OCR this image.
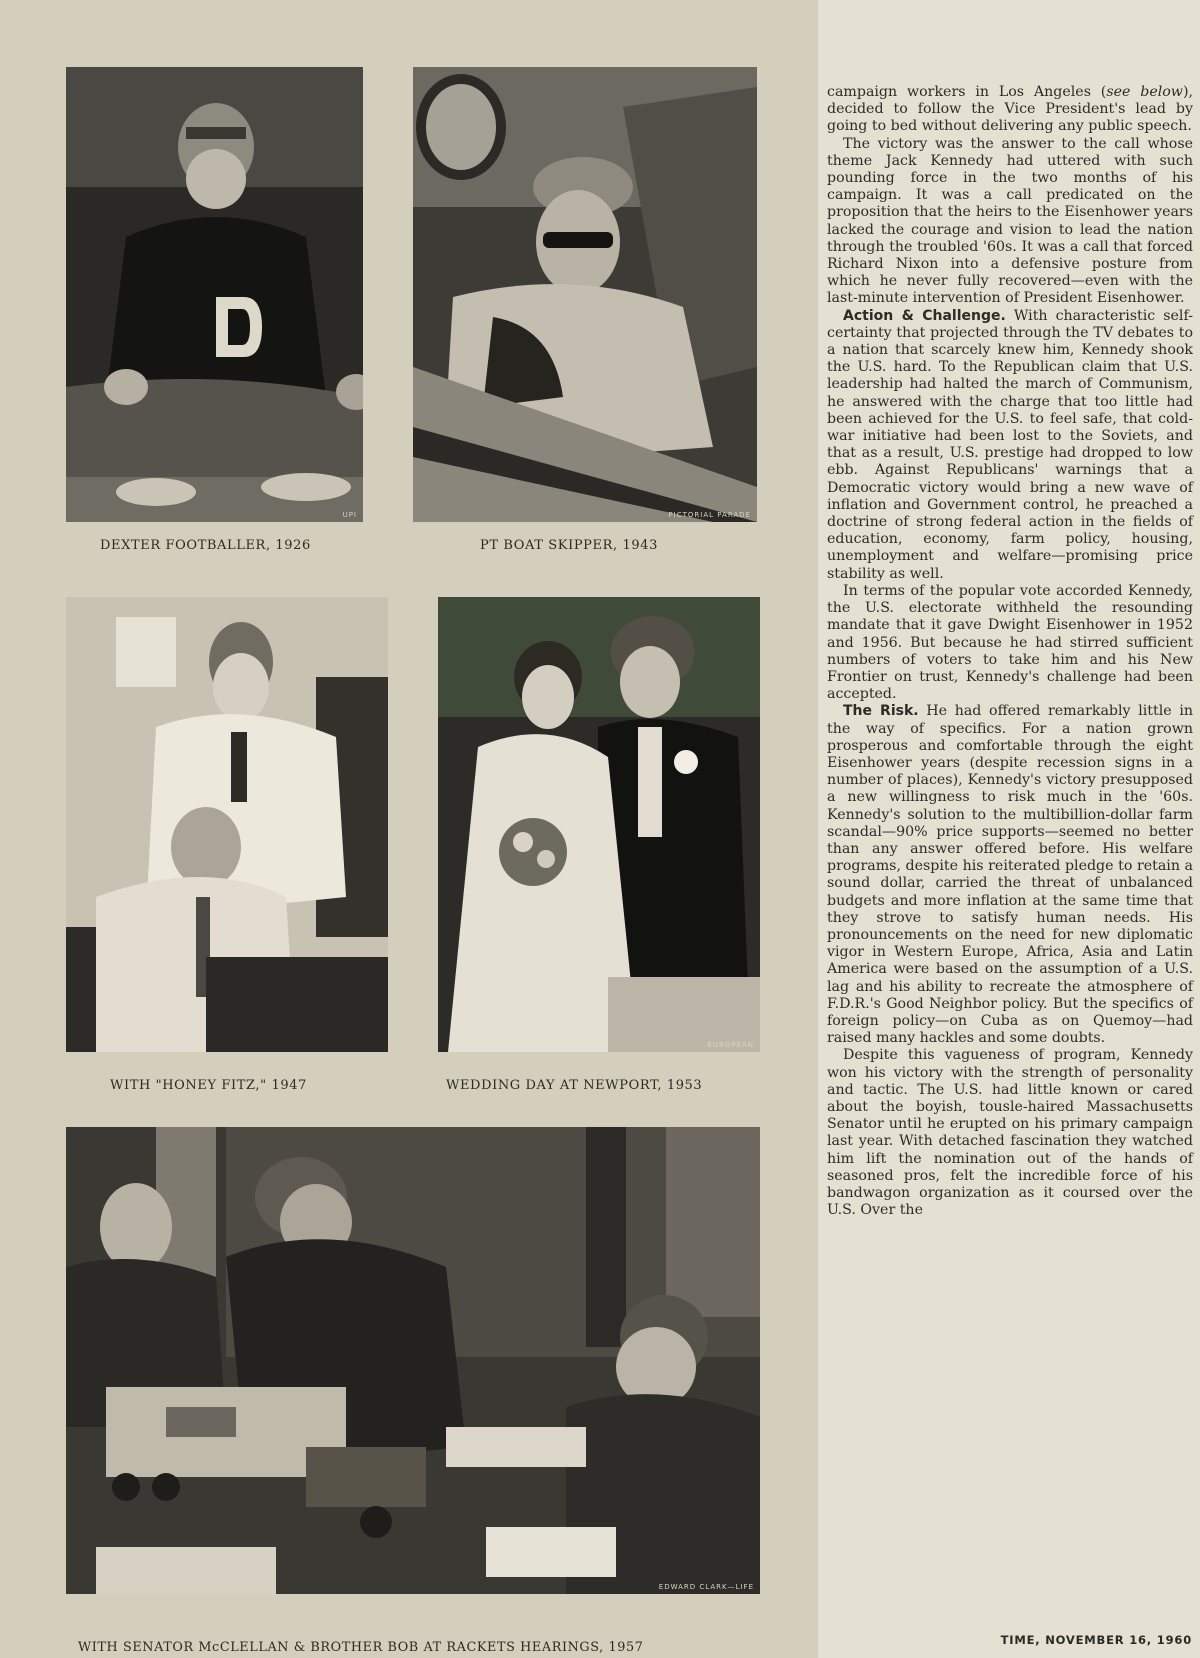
UPI
DEXTER FOOTBALLER, 1926
PICTORIAL PARADE
PT BOAT SKIPPER, 1943
WITH "HONEY FITZ," 1947
EUROPEAN
WEDDING DAY AT NEWPORT, 1953
EDWARD CLARK—LIFE
WITH SENATOR McCLELLAN & BROTHER BOB AT RACKETS HEARINGS, 1957

campaign workers in Los Angeles (see below), decided to follow the Vice President's lead by going to bed without delivering any public speech.

The victory was the answer to the call whose theme Jack Kennedy had uttered with such pounding force in the two months of his campaign. It was a call predicated on the proposition that the heirs to the Eisenhower years lacked the courage and vision to lead the nation through the troubled '60s. It was a call that forced Richard Nixon into a defensive posture from which he never fully recovered—even with the last-minute intervention of President Eisenhower.

Action & Challenge. With characteristic self-certainty that projected through the TV debates to a nation that scarcely knew him, Kennedy shook the U.S. hard. To the Republican claim that U.S. leadership had halted the march of Communism, he answered with the charge that too little had been achieved for the U.S. to feel safe, that cold-war initiative had been lost to the Soviets, and that as a result, U.S. prestige had dropped to low ebb. Against Republicans' warnings that a Democratic victory would bring a new wave of inflation and Government control, he preached a doctrine of strong federal action in the fields of education, economy, farm policy, housing, unemployment and welfare—promising price stability as well.

In terms of the popular vote accorded Kennedy, the U.S. electorate withheld the resounding mandate that it gave Dwight Eisenhower in 1952 and 1956. But because he had stirred sufficient numbers of voters to take him and his New Frontier on trust, Kennedy's challenge had been accepted.

The Risk. He had offered remarkably little in the way of specifics. For a nation grown prosperous and comfortable through the eight Eisenhower years (despite recession signs in a number of places), Kennedy's victory presupposed a new willingness to risk much in the '60s. Kennedy's solution to the multibillion-dollar farm scandal—90% price supports—seemed no better than any answer offered before. His welfare programs, despite his reiterated pledge to retain a sound dollar, carried the threat of unbalanced budgets and more inflation at the same time that they strove to satisfy human needs. His pronouncements on the need for new diplomatic vigor in Western Europe, Africa, Asia and Latin America were based on the assumption of a U.S. lag and his ability to recreate the atmosphere of F.D.R.'s Good Neighbor policy. But the specifics of foreign policy—on Cuba as on Quemoy—had raised many hackles and some doubts.

Despite this vagueness of program, Kennedy won his victory with the strength of personality and tactic. The U.S. had little known or cared about the boyish, tousle-haired Massachusetts Senator until he erupted on his primary campaign last year. With detached fascination they watched him lift the nomination out of the hands of seasoned pros, felt the incredible force of his bandwagon organization as it coursed over the U.S. Over the

TIME, NOVEMBER 16, 1960
